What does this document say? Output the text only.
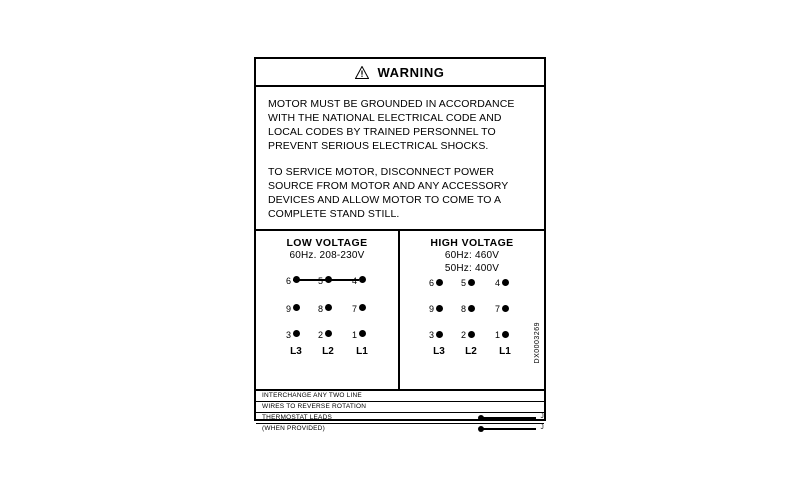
WARNING

MOTOR MUST BE GROUNDED IN ACCORDANCE WITH THE NATIONAL ELECTRICAL CODE AND LOCAL CODES BY TRAINED PERSONNEL TO PREVENT SERIOUS ELECTRICAL SHOCKS.

TO SERVICE MOTOR, DISCONNECT POWER SOURCE FROM MOTOR AND ANY ACCESSORY DEVICES AND ALLOW MOTOR TO COME TO A COMPLETE STAND STILL.

LOW VOLTAGE
60Hz. 208-230V
6	5	4
9	8	7
3	2	1
L3	L2	L1
HIGH VOLTAGE
60Hz: 460V
50Hz: 400V
6	5	4
9	8	7
3	2	1
L3	L2	L1	DX0003269
INTERCHANGE ANY TWO LINE
WIRES TO REVERSE ROTATION
THERMOSTAT LEADS	J
(WHEN PROVIDED)	J
